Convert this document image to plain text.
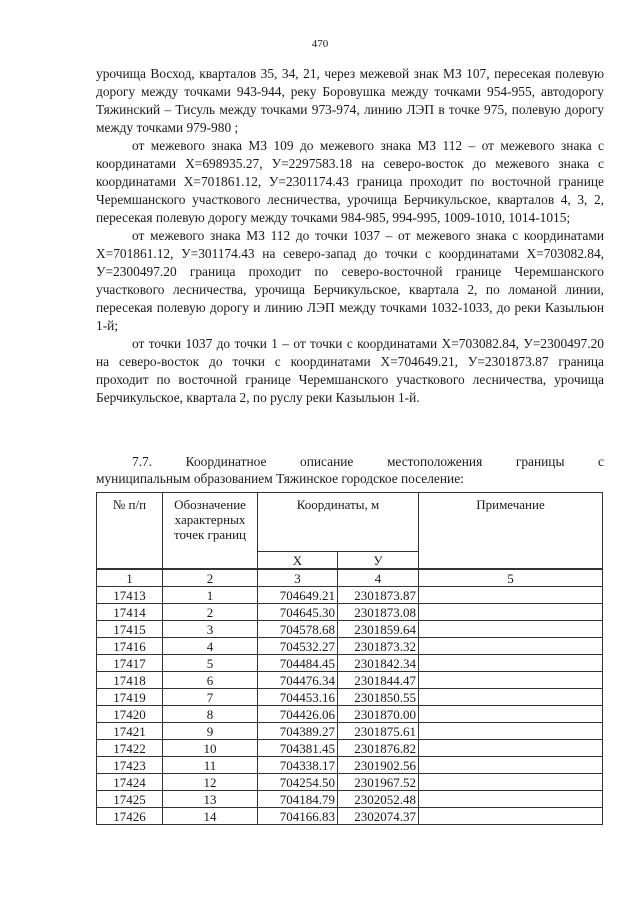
470

урочища Восход, кварталов 35, 34, 21, через межевой знак МЗ 107, пересекая полевую дорогу между точками 943-944, реку Боровушка между точками 954-955, автодорогу Тяжинский – Тисуль между точками 973-974, линию ЛЭП в точке 975, полевую дорогу между точками 979-980 ;

от межевого знака МЗ 109 до межевого знака МЗ 112 – от межевого знака с координатами Х=698935.27, У=2297583.18 на северо-восток до межевого знака с координатами Х=701861.12, У=2301174.43 граница проходит по восточной границе Черемшанского участкового лесничества, урочища Берчикульское, кварталов 4, 3, 2, пересекая полевую дорогу между точками 984-985, 994-995, 1009-1010, 1014-1015;

от межевого знака МЗ 112 до точки 1037 – от межевого знака с координатами Х=701861.12, У=301174.43 на северо-запад до точки с координатами Х=703082.84, У=2300497.20 граница проходит по северо-восточной границе Черемшанского участкового лесничества, урочища Берчикульское, квартала 2, по ломаной линии, пересекая полевую дорогу и линию ЛЭП между точками 1032-1033, до реки Казыльюн 1-й;

от точки 1037 до точки 1 – от точки с координатами Х=703082.84, У=2300497.20 на северо-восток до точки с координатами Х=704649.21, У=2301873.87 граница проходит по восточной границе Черемшанского участкового лесничества, урочища Берчикульское, квартала 2, по руслу реки Казыльюн 1-й.

7.7. Координатное описание местоположения границы с

муниципальным образованием Тяжинское городское поселение:

№ п/п	Обозначение характерных точек границ	Координаты, м		Примечание
		Х	У	
1	2	3	4	5
17413	1	704649.21	2301873.87	
17414	2	704645.30	2301873.08	
17415	3	704578.68	2301859.64	
17416	4	704532.27	2301873.32	
17417	5	704484.45	2301842.34	
17418	6	704476.34	2301844.47	
17419	7	704453.16	2301850.55	
17420	8	704426.06	2301870.00	
17421	9	704389.27	2301875.61	
17422	10	704381.45	2301876.82	
17423	11	704338.17	2301902.56	
17424	12	704254.50	2301967.52	
17425	13	704184.79	2302052.48	
17426	14	704166.83	2302074.37	
